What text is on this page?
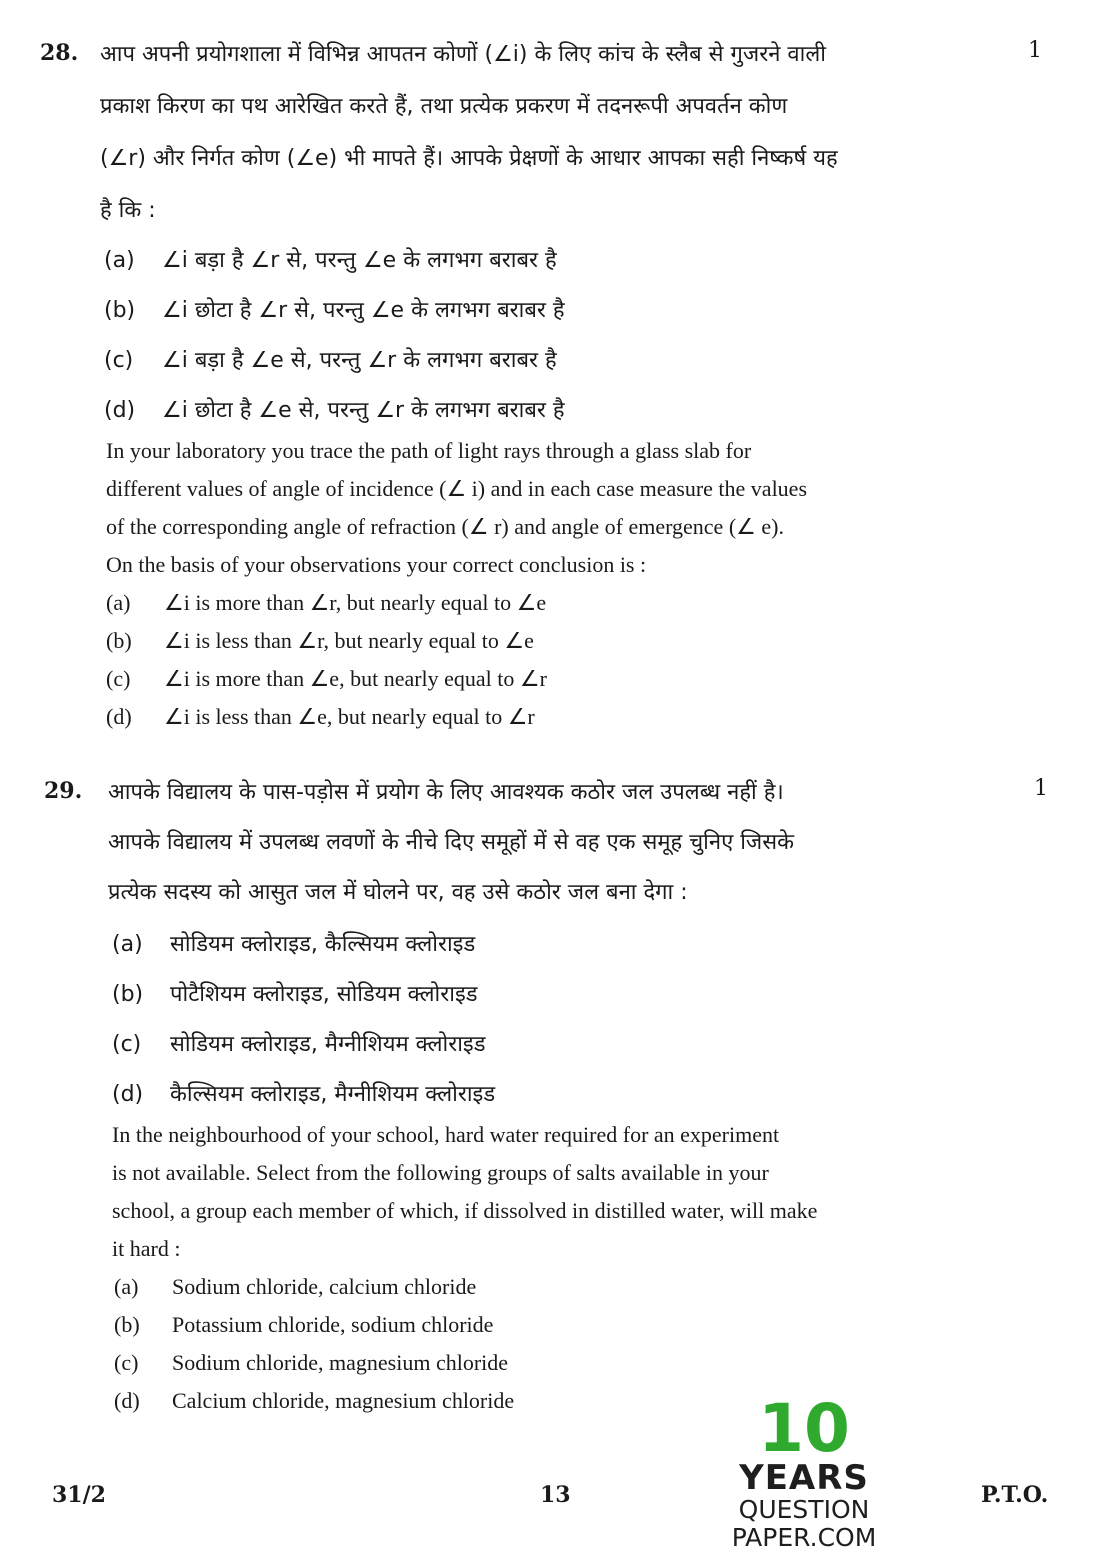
28.	1
आप अपनी प्रयोगशाला में विभिन्न आपतन कोणों (∠i) के लिए कांच के स्लैब से गुजरने वाली
प्रकाश किरण का पथ आरेखित करते हैं, तथा प्रत्येक प्रकरण में तदनरूपी अपवर्तन कोण
(∠r) और निर्गत कोण (∠e) भी मापते हैं। आपके प्रेक्षणों के आधार आपका सही निष्कर्ष यह
है कि :
(a) ∠i बड़ा है ∠r से, परन्तु ∠e के लगभग बराबर है
(b) ∠i छोटा है ∠r से, परन्तु ∠e के लगभग बराबर है
(c) ∠i बड़ा है ∠e से, परन्तु ∠r के लगभग बराबर है
(d) ∠i छोटा है ∠e से, परन्तु ∠r के लगभग बराबर है
In your laboratory you trace the path of light rays through a glass slab for
different values of angle of incidence (∠ i) and in each case measure the values
of the corresponding angle of refraction (∠ r) and angle of emergence (∠ e).
On the basis of your observations your correct conclusion is :
(a) ∠i is more than ∠r, but nearly equal to ∠e
(b) ∠i is less than ∠r, but nearly equal to ∠e
(c) ∠i is more than ∠e, but nearly equal to ∠r
(d) ∠i is less than ∠e, but nearly equal to ∠r
29.	1
आपके विद्यालय के पास-पड़ोस में प्रयोग के लिए आवश्यक कठोर जल उपलब्ध नहीं है।
आपके विद्यालय में उपलब्ध लवणों के नीचे दिए समूहों में से वह एक समूह चुनिए जिसके
प्रत्येक सदस्य को आसुत जल में घोलने पर, वह उसे कठोर जल बना देगा :
(a) सोडियम क्लोराइड, कैल्सियम क्लोराइड
(b) पोटैशियम क्लोराइड, सोडियम क्लोराइड
(c) सोडियम क्लोराइड, मैग्नीशियम क्लोराइड
(d) कैल्सियम क्लोराइड, मैग्नीशियम क्लोराइड
In the neighbourhood of your school, hard water required for an experiment
is not available. Select from the following groups of salts available in your
school, a group each member of which, if dissolved in distilled water, will make
it hard :
(a) Sodium chloride, calcium chloride
(b) Potassium chloride, sodium chloride
(c) Sodium chloride, magnesium chloride
(d) Calcium chloride, magnesium chloride	10
YEARS
QUESTION PAPER.COM
31/2	13	P.T.O.
